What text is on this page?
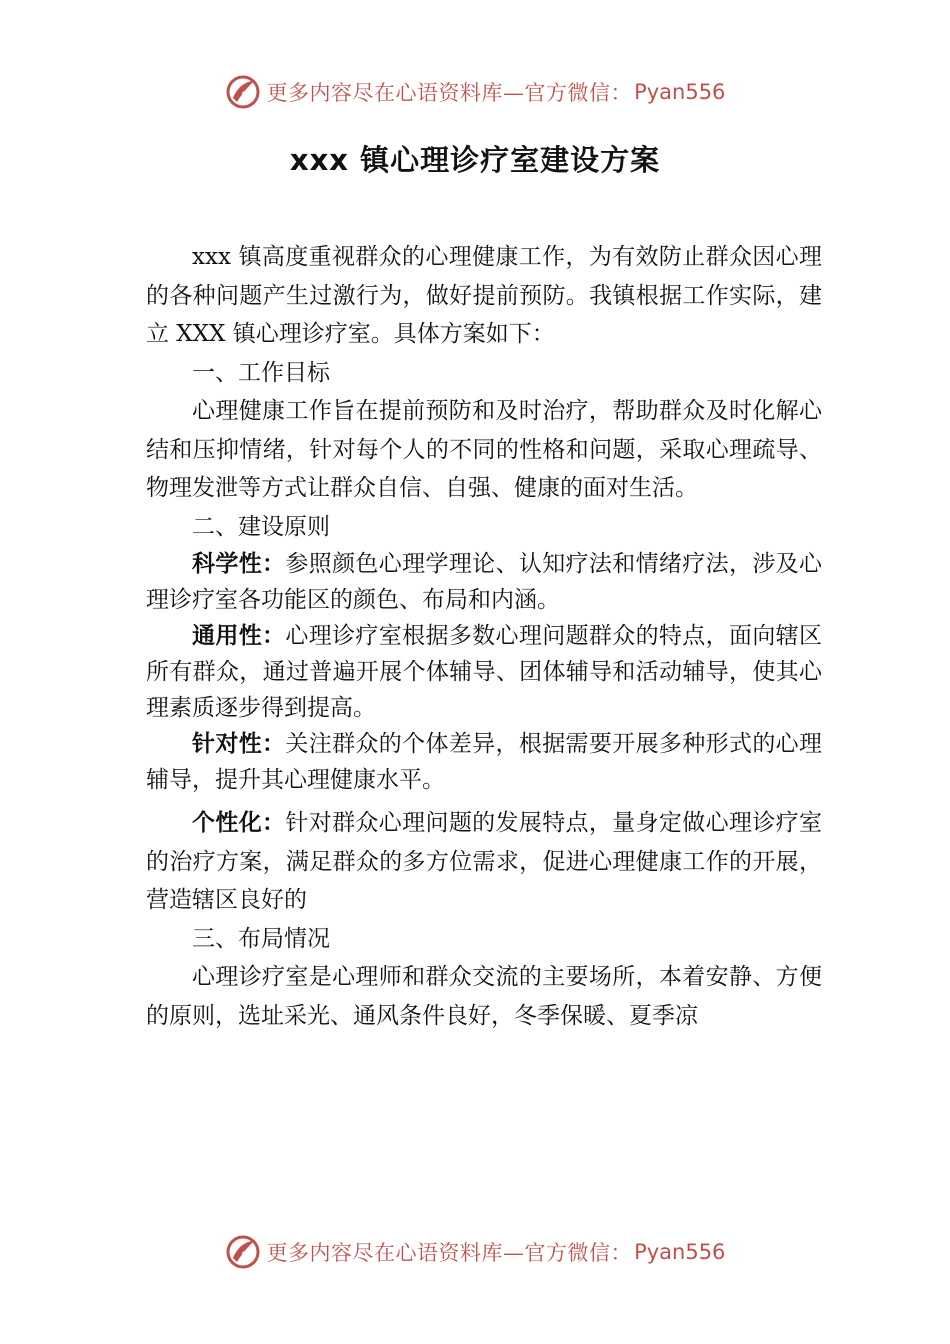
更多内容尽在心语资料库—官方微信： Pyan556
xxx 镇心理诊疗室建设方案

xxx 镇高度重视群众的心理健康工作，为有效防止群众因心理的各种问题产生过激行为，做好提前预防。我镇根据工作实际，建立 XXX 镇心理诊疗室。具体方案如下：

一、工作目标

心理健康工作旨在提前预防和及时治疗，帮助群众及时化解心结和压抑情绪，针对每个人的不同的性格和问题，采取心理疏导、物理发泄等方式让群众自信、自强、健康的面对生活。

二、建设原则

科学性：参照颜色心理学理论、认知疗法和情绪疗法，涉及心理诊疗室各功能区的颜色、布局和内涵。

通用性：心理诊疗室根据多数心理问题群众的特点，面向辖区所有群众，通过普遍开展个体辅导、团体辅导和活动辅导，使其心理素质逐步得到提高。

针对性：关注群众的个体差异，根据需要开展多种形式的心理辅导，提升其心理健康水平。

个性化：针对群众心理问题的发展特点，量身定做心理诊疗室的治疗方案，满足群众的多方位需求，促进心理健康工作的开展，营造辖区良好的

三、布局情况

心理诊疗室是心理师和群众交流的主要场所，本着安静、方便的原则，选址采光、通风条件良好，冬季保暖、夏季凉

更多内容尽在心语资料库—官方微信： Pyan556
